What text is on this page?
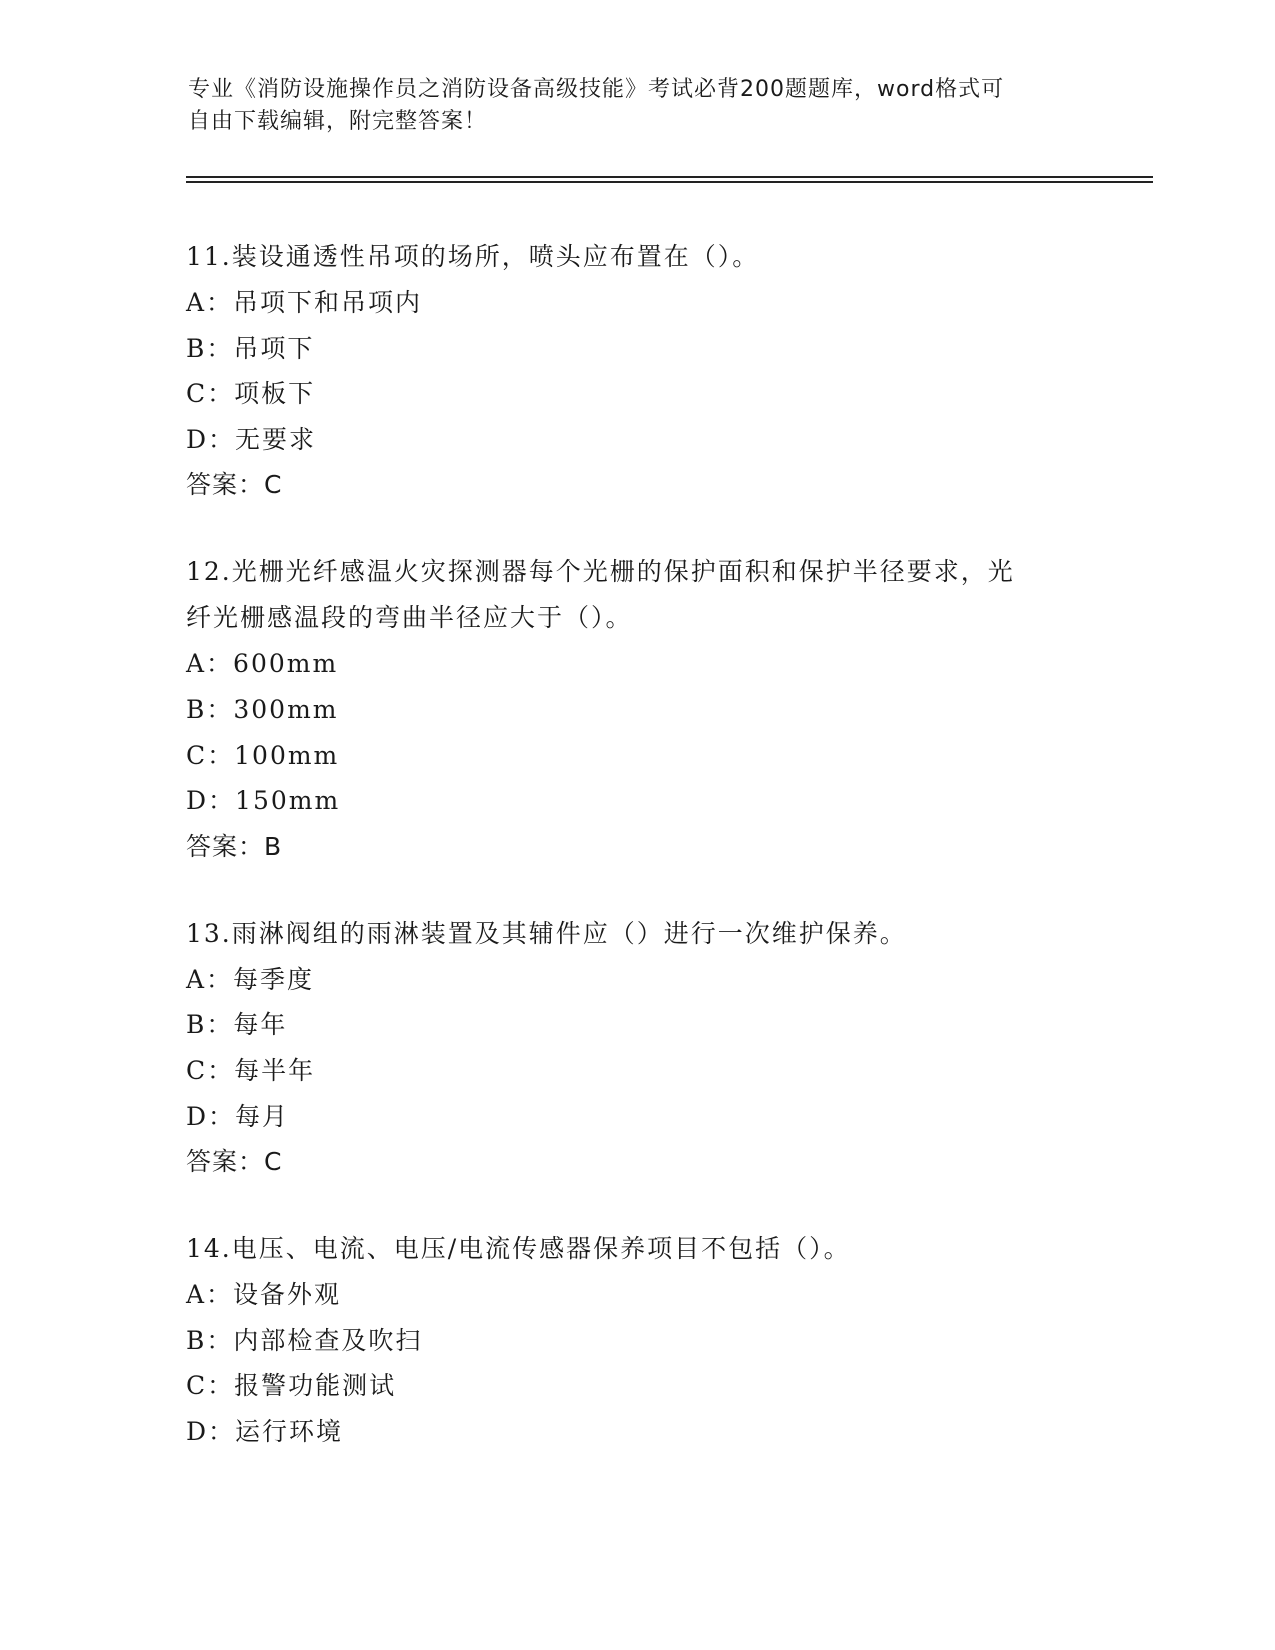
专业《消防设施操作员之消防设备高级技能》考试必背200题题库，word格式可
自由下载编辑，附完整答案！
11.装设通透性吊项的场所，喷头应布置在（）。
A：吊项下和吊项内
B：吊项下
C：项板下
D：无要求
答案：C
12.光栅光纤感温火灾探测器每个光栅的保护面积和保护半径要求，光
纤光栅感温段的弯曲半径应大于（）。
A：600mm
B：300mm
C：100mm
D：150mm
答案：B
13.雨淋阀组的雨淋装置及其辅件应（）进行一次维护保养。
A：每季度
B：每年
C：每半年
D：每月
答案：C
14.电压、电流、电压/电流传感器保养项目不包括（）。
A：设备外观
B：内部检查及吹扫
C：报警功能测试
D：运行环境
